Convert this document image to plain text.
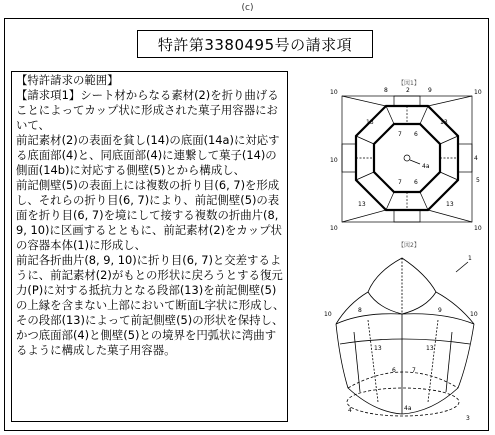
(c)
特許第3380495号の請求項

【特許請求の範囲】

【請求項1】シート材からなる素材(2)を折り曲げることによってカップ状に形成された菓子用容器において、

前記素材(2)の表面を貧し(14)の底面(14a)に対応する底面部(4)と、同底面部(4)に連繋して菓子(14)の側面(14b)に対応する側壁(5)とから構成し、

前記側壁(5)の表面上には複数の折り目(6, 7)を形成し、それらの折り目(6, 7)により、前記側壁(5)の表面を折り目(6, 7)を境にして接する複数の折曲片(8, 9, 10)に区画するとともに、前記素材(2)をカップ状の容器本体(1)に形成し、

前記各折曲片(8, 9, 10)に折り目(6, 7)と交差するように、前記素材(2)がもとの形状に戻ろうとする復元力(P)に対する抵抗力となる段部(13)を前記側壁(5)の上縁を含まない上部において断面L字状に形成し、その段部(13)によって前記側壁(5)の形状を保持し、かつ底面部(4)と側壁(5)との境界を円弧状に湾曲するように構成した菓子用容器。

【図1】
10	8	2	9	10
13	13
7 6
10
4a
4
5
7 6
13	13
10	10
【図2】
1
10	10
8	9
13	13
6	7
4a
4
3
